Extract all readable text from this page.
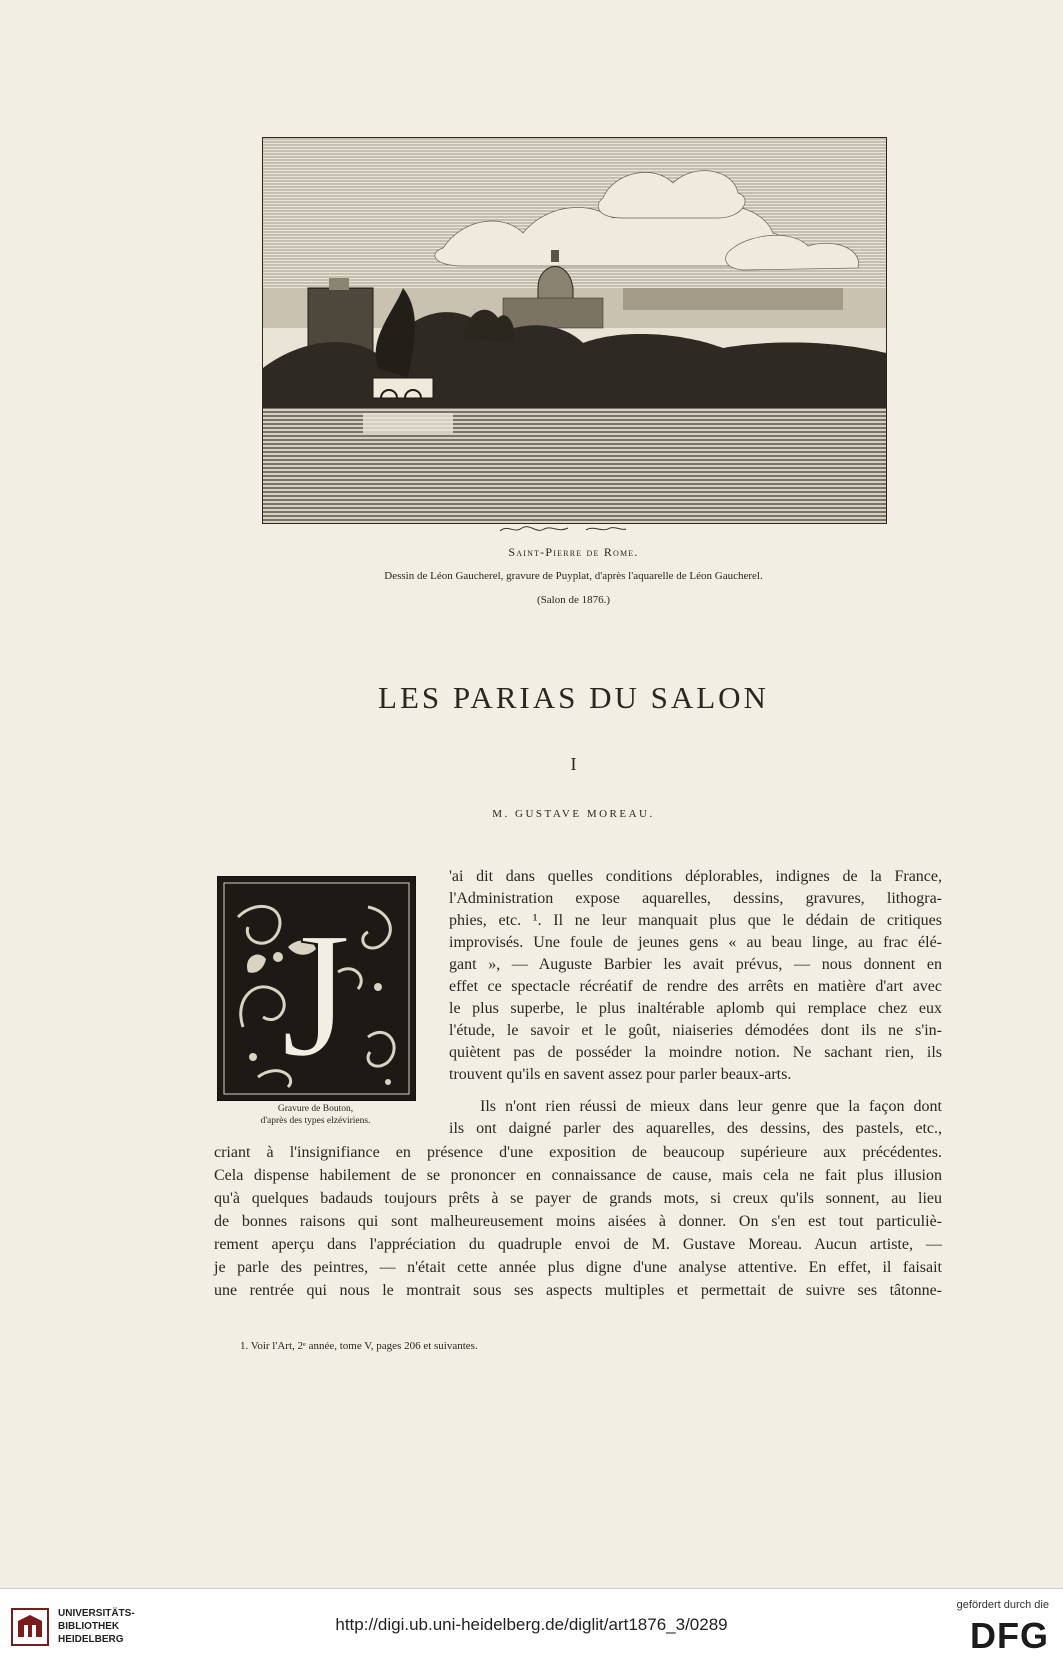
Saint-Pierre de Rome.
Dessin de Léon Gaucherel, gravure de Puyplat, d'après l'aquarelle de Léon Gaucherel.
(Salon de 1876.)
LES PARIAS DU SALON
I
M. GUSTAVE MOREAU.
J
Gravure de Bouton,
d'après des types elzéviriens.
'ai dit dans quelles conditions déplorables, indignes de la France,
l'Administration expose aquarelles, dessins, gravures, lithogra-
phies, etc. ¹. Il ne leur manquait plus que le dédain de critiques
improvisés. Une foule de jeunes gens « au beau linge, au frac élé-
gant », — Auguste Barbier les avait prévus, — nous donnent en
effet ce spectacle récréatif de rendre des arrêts en matière d'art avec
le plus superbe, le plus inaltérable aplomb qui remplace chez eux
l'étude, le savoir et le goût, niaiseries démodées dont ils ne s'in-
quiètent pas de posséder la moindre notion. Ne sachant rien, ils
trouvent qu'ils en savent assez pour parler beaux-arts.
Ils n'ont rien réussi de mieux dans leur genre que la façon dont
ils ont daigné parler des aquarelles, des dessins, des pastels, etc.,
criant à l'insignifiance en présence d'une exposition de beaucoup supérieure aux précédentes.
Cela dispense habilement de se prononcer en connaissance de cause, mais cela ne fait plus illusion
qu'à quelques badauds toujours prêts à se payer de grands mots, si creux qu'ils sonnent, au lieu
de bonnes raisons qui sont malheureusement moins aisées à donner. On s'en est tout particuliè-
rement aperçu dans l'appréciation du quadruple envoi de M. Gustave Moreau. Aucun artiste, —
je parle des peintres, — n'était cette année plus digne d'une analyse attentive. En effet, il faisait
une rentrée qui nous le montrait sous ses aspects multiples et permettait de suivre ses tâtonne-
1. Voir l'Art, 2ᵉ année, tome V, pages 206 et suivantes.
UNIVERSITÄTS-
BIBLIOTHEK
HEIDELBERG
http://digi.ub.uni-heidelberg.de/diglit/art1876_3/0289
gefördert durch die
DFG
